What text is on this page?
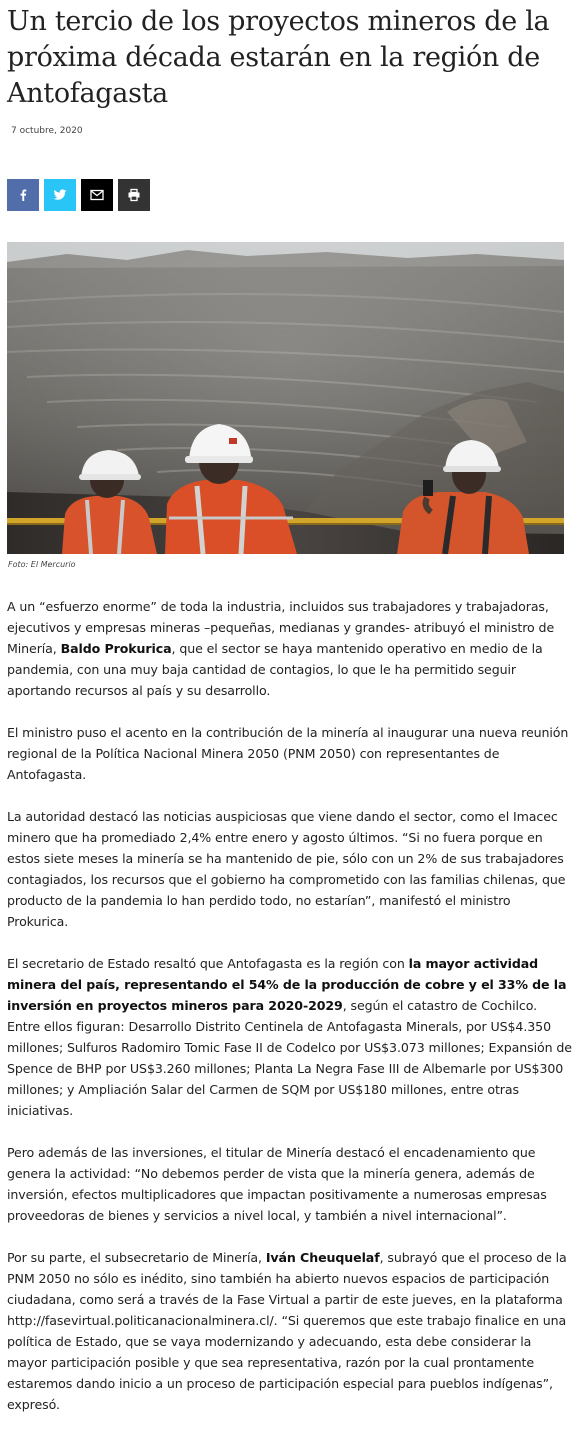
Un tercio de los proyectos mineros de la próxima década estarán en la región de Antofagasta
7 octubre, 2020
Foto: El Mercurio

A un “esfuerzo enorme” de toda la industria, incluidos sus trabajadores y trabajadoras, ejecutivos y empresas mineras –pequeñas, medianas y grandes- atribuyó el ministro de Minería, Baldo Prokurica, que el sector se haya mantenido operativo en medio de la pandemia, con una muy baja cantidad de contagios, lo que le ha permitido seguir aportando recursos al país y su desarrollo.

El ministro puso el acento en la contribución de la minería al inaugurar una nueva reunión regional de la Política Nacional Minera 2050 (PNM 2050) con representantes de Antofagasta.

La autoridad destacó las noticias auspiciosas que viene dando el sector, como el Imacec minero que ha promediado 2,4% entre enero y agosto últimos. “Si no fuera porque en estos siete meses la minería se ha mantenido de pie, sólo con un 2% de sus trabajadores contagiados, los recursos que el gobierno ha comprometido con las familias chilenas, que producto de la pandemia lo han perdido todo, no estarían”, manifestó el ministro Prokurica.

El secretario de Estado resaltó que Antofagasta es la región con la mayor actividad minera del país, representando el 54% de la producción de cobre y el 33% de la inversión en proyectos mineros para 2020-2029, según el catastro de Cochilco. Entre ellos figuran: Desarrollo Distrito Centinela de Antofagasta Minerals, por US$4.350 millones; Sulfuros Radomiro Tomic Fase II de Codelco por US$3.073 millones; Expansión de Spence de BHP por US$3.260 millones; Planta La Negra Fase III de Albemarle por US$300 millones; y Ampliación Salar del Carmen de SQM por US$180 millones, entre otras iniciativas.

Pero además de las inversiones, el titular de Minería destacó el encadenamiento que genera la actividad: “No debemos perder de vista que la minería genera, además de inversión, efectos multiplicadores que impactan positivamente a numerosas empresas proveedoras de bienes y servicios a nivel local, y también a nivel internacional”.

Por su parte, el subsecretario de Minería, Iván Cheuquelaf, subrayó que el proceso de la PNM 2050 no sólo es inédito, sino también ha abierto nuevos espacios de participación ciudadana, como será a través de la Fase Virtual a partir de este jueves, en la plataforma http://fasevirtual.politicanacionalminera.cl/. “Si queremos que este trabajo finalice en una política de Estado, que se vaya modernizando y adecuando, esta debe considerar la mayor participación posible y que sea representativa, razón por la cual prontamente estaremos dando inicio a un proceso de participación especial para pueblos indígenas”, expresó.
